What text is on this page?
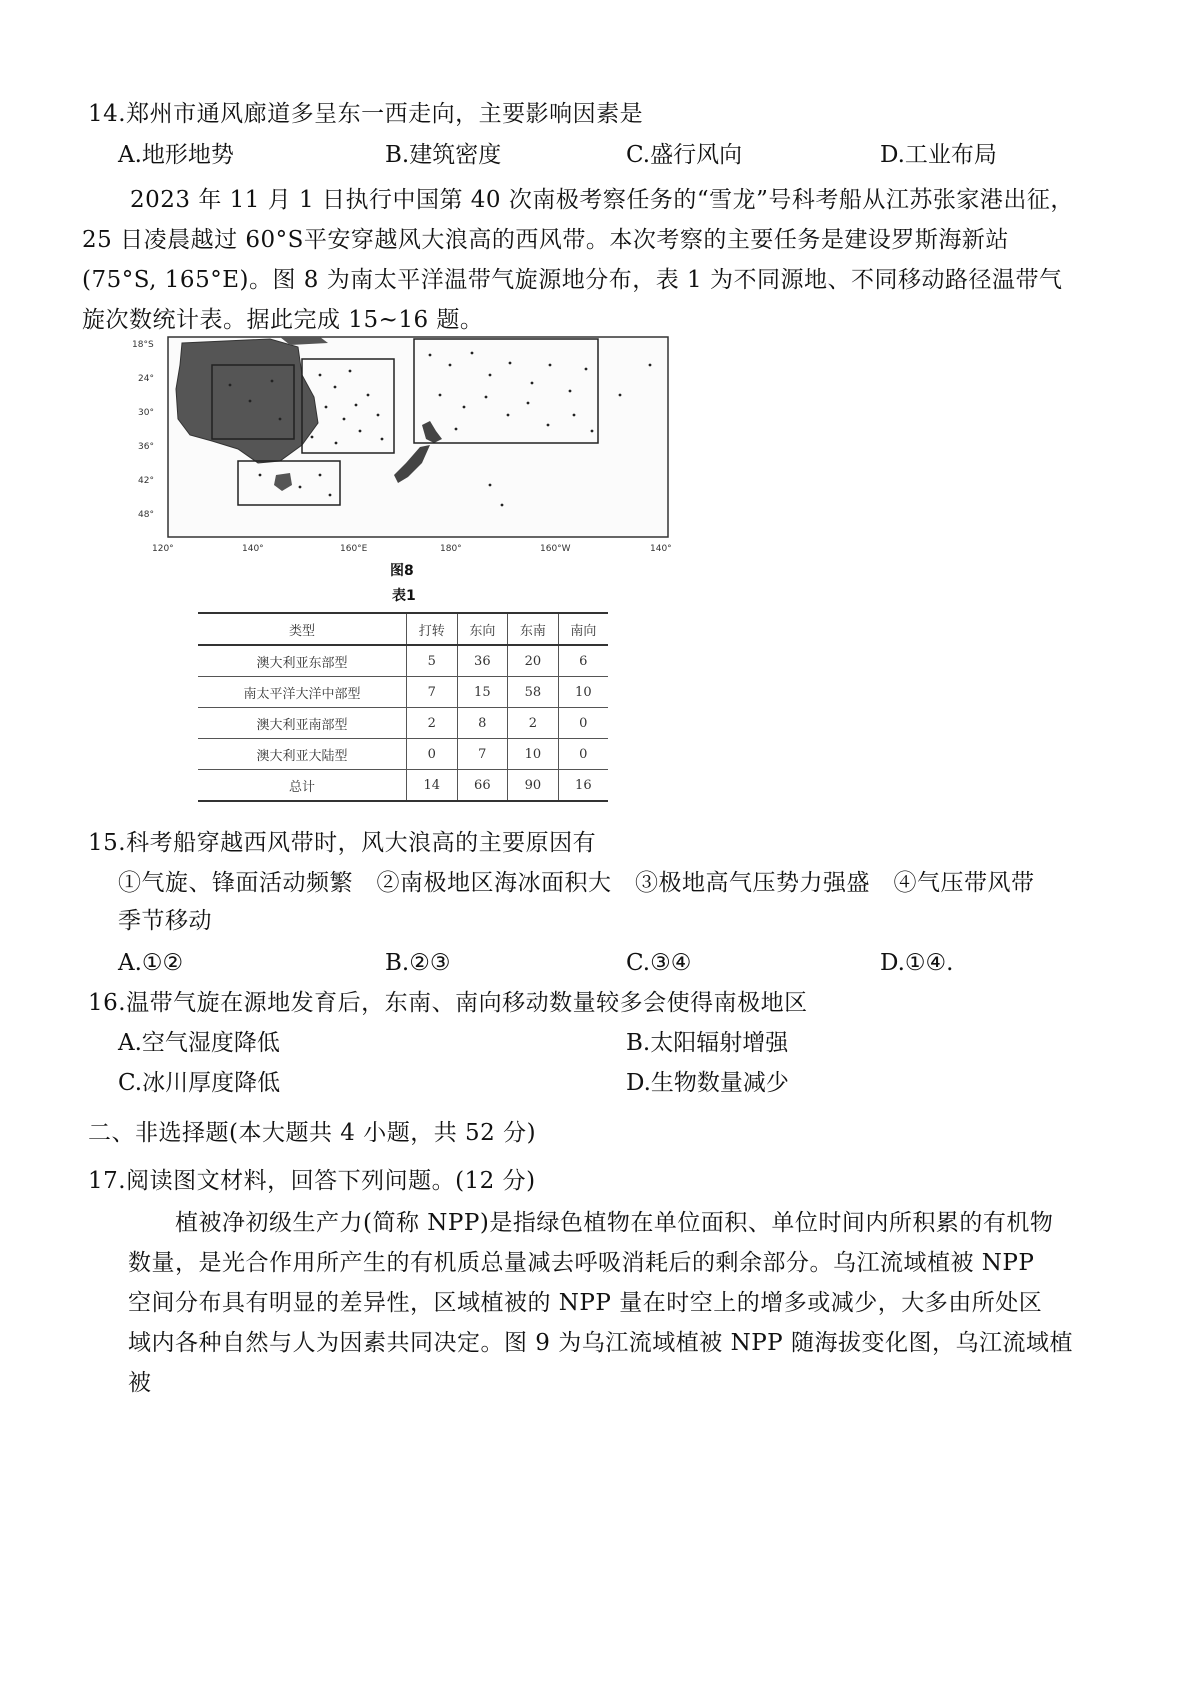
14.郑州市通风廊道多呈东一西走向，主要影响因素是
A.地形地势	B.建筑密度	C.盛行风向	D.工业布局
2023 年 11 月 1 日执行中国第 40 次南极考察任务的“雪龙”号科考船从江苏张家港出征，
25 日凌晨越过 60°S平安穿越风大浪高的西风带。本次考察的主要任务是建设罗斯海新站
(75°S, 165°E)。图 8 为南太平洋温带气旋源地分布，表 1 为不同源地、不同移动路径温带气
旋次数统计表。据此完成 15~16 题。
18°S
24°
30°
36°
42°
48°
120°	140°	160°E	180°	160°W	140°
图8
表1
类型	打转	东向	东南	南向
澳大利亚东部型	5	36	20	6
南太平洋大洋中部型	7	15	58	10
澳大利亚南部型	2	8	2	0
澳大利亚大陆型	0	7	10	0
总计	14	66	90	16
15.科考船穿越西风带时，风大浪高的主要原因有
①气旋、锋面活动频繁　②南极地区海冰面积大　③极地高气压势力强盛　④气压带风带
季节移动
A.①②	B.②③	C.③④	D.①④.
16.温带气旋在源地发育后，东南、南向移动数量较多会使得南极地区
A.空气湿度降低	B.太阳辐射增强
C.冰川厚度降低	D.生物数量减少
二、非选择题(本大题共 4 小题，共 52 分)
17.阅读图文材料，回答下列问题。(12 分)
植被净初级生产力(简称 NPP)是指绿色植物在单位面积、单位时间内所积累的有机物
数量，是光合作用所产生的有机质总量减去呼吸消耗后的剩余部分。乌江流域植被 NPP
空间分布具有明显的差异性，区域植被的 NPP 量在时空上的增多或减少，大多由所处区
域内各种自然与人为因素共同决定。图 9 为乌江流域植被 NPP 随海拔变化图，乌江流域植
被
